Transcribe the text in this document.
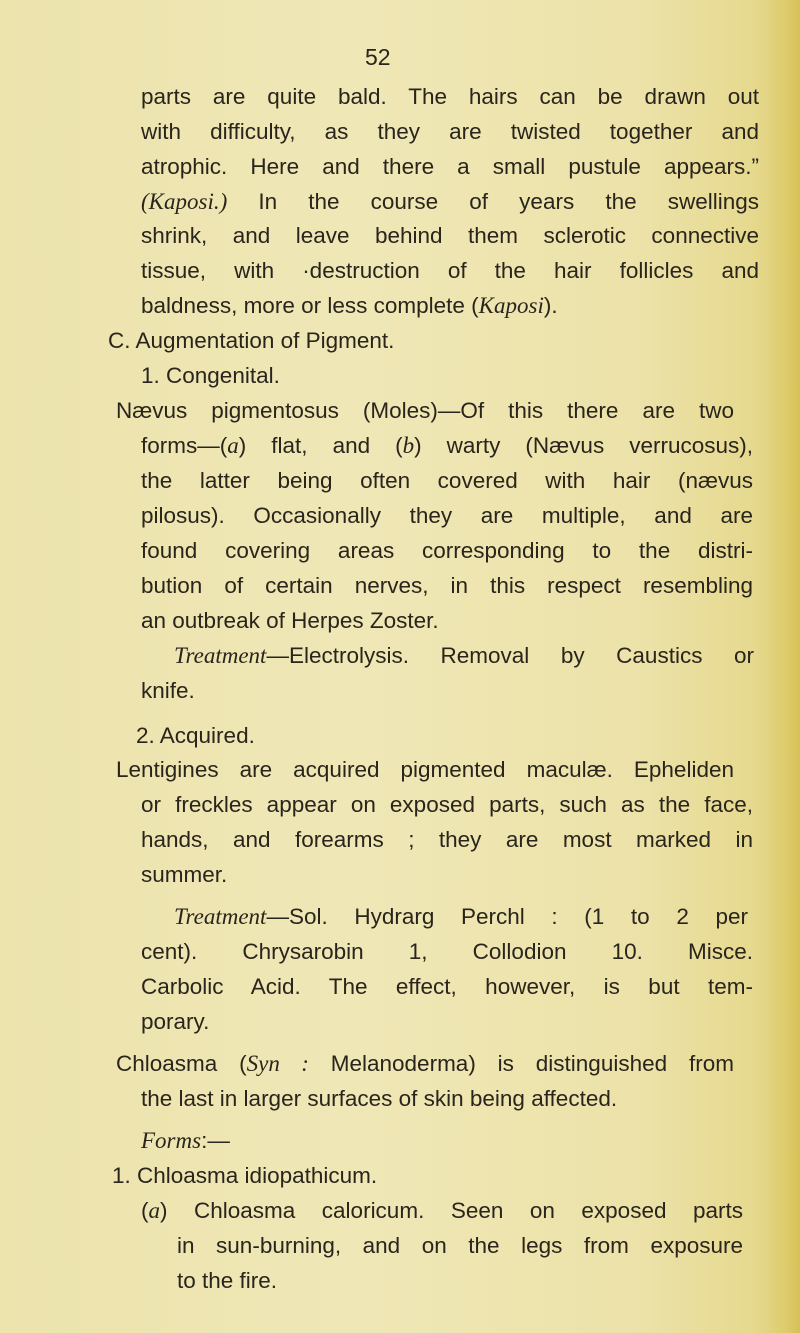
52
parts are quite bald. The hairs can be drawn out
with difficulty, as they are twisted together and
atrophic. Here and there a small pustule appears.”
(Kaposi.) In the course of years the swellings
shrink, and leave behind them sclerotic connective
tissue, with ·destruction of the hair follicles and
baldness, more or less complete (Kaposi).
C. Augmentation of Pigment.
1. Congenital.
Nævus pigmentosus (Moles)—Of this there are two
forms—(a) flat, and (b) warty (Nævus verrucosus),
the latter being often covered with hair (nævus
pilosus). Occasionally they are multiple, and are
found covering areas corresponding to the distri-
bution of certain nerves, in this respect resembling
an outbreak of Herpes Zoster.
Treatment—Electrolysis. Removal by Caustics or
knife.
2. Acquired.
Lentigines are acquired pigmented maculæ. Epheliden
or freckles appear on exposed parts, such as the face,
hands, and forearms ; they are most marked in
summer.
Treatment—Sol. Hydrarg Perchl : (1 to 2 per
cent). Chrysarobin 1, Collodion 10. Misce.
Carbolic Acid. The effect, however, is but tem-
porary.
Chloasma (Syn : Melanoderma) is distinguished from
the last in larger surfaces of skin being affected.
Forms:—
1. Chloasma idiopathicum.
(a) Chloasma caloricum. Seen on exposed parts
in sun-burning, and on the legs from exposure
to the fire.
